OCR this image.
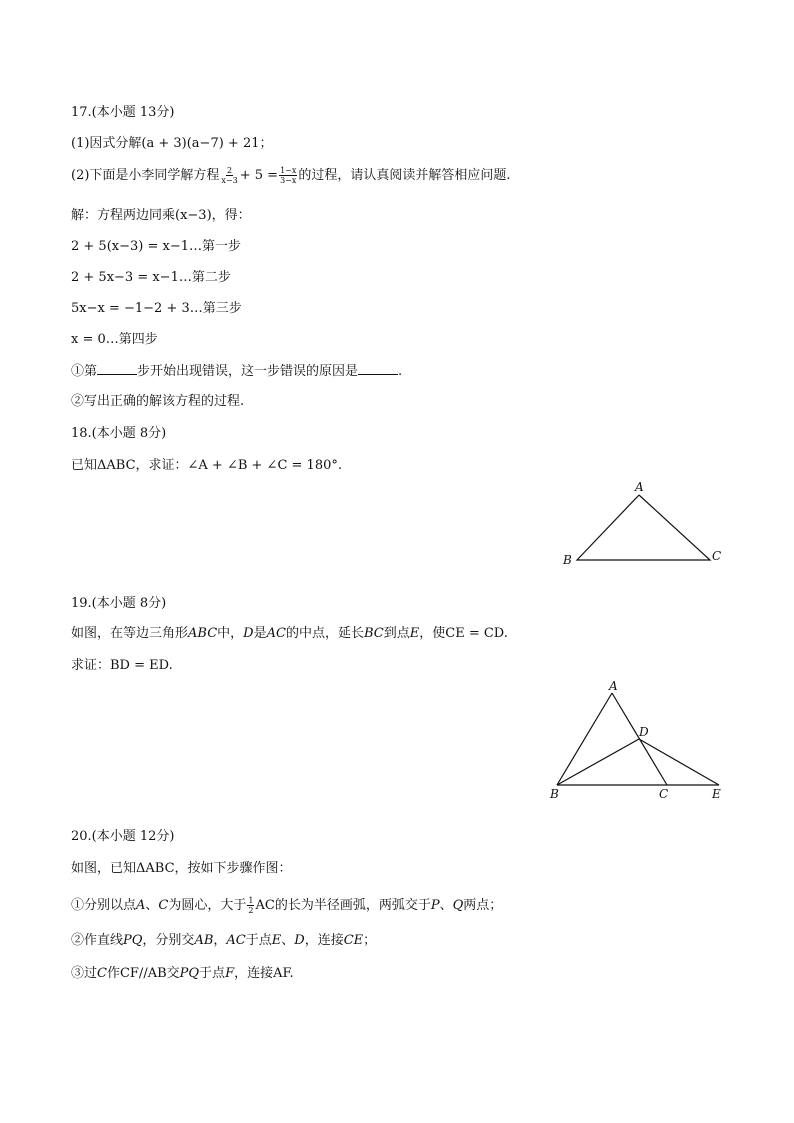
17.(本小题 13分)
(1)因式分解(a + 3)(a−7) + 21；
(2)下面是小李同学解方程 $\frac{2}{x-3} + 5 = \frac{1-x}{3-x}$ 的过程，请认真阅读并解答相应问题.
解：方程两边同乘(x−3)，得：
2 + 5(x−3) = x−1…第一步
2 + 5x−3 = x−1…第二步
5x−x = −1−2 + 3…第三步
x = 0…第四步
①第	步开始出现错误，这一步错误的原因是	.
②写出正确的解该方程的过程.
18.(本小题 8分)
已知ΔABC，求证：∠A + ∠B + ∠C = 180°.
A
B	C
19.(本小题 8分)
如图，在等边三角形ABC中，D是AC的中点，延长BC到点E，使CE = CD.
求证：BD = ED.
A
D
B	C	E
20.(本小题 12分)
如图，已知ΔABC，按如下步骤作图：
①分别以点A、C为圆心，大于 $\frac{1}{2}$ AC的长为半径画弧，两弧交于P、Q两点；
②作直线PQ，分别交AB，AC于点E、D，连接CE；
③过C作CF//AB交PQ于点F，连接AF.
